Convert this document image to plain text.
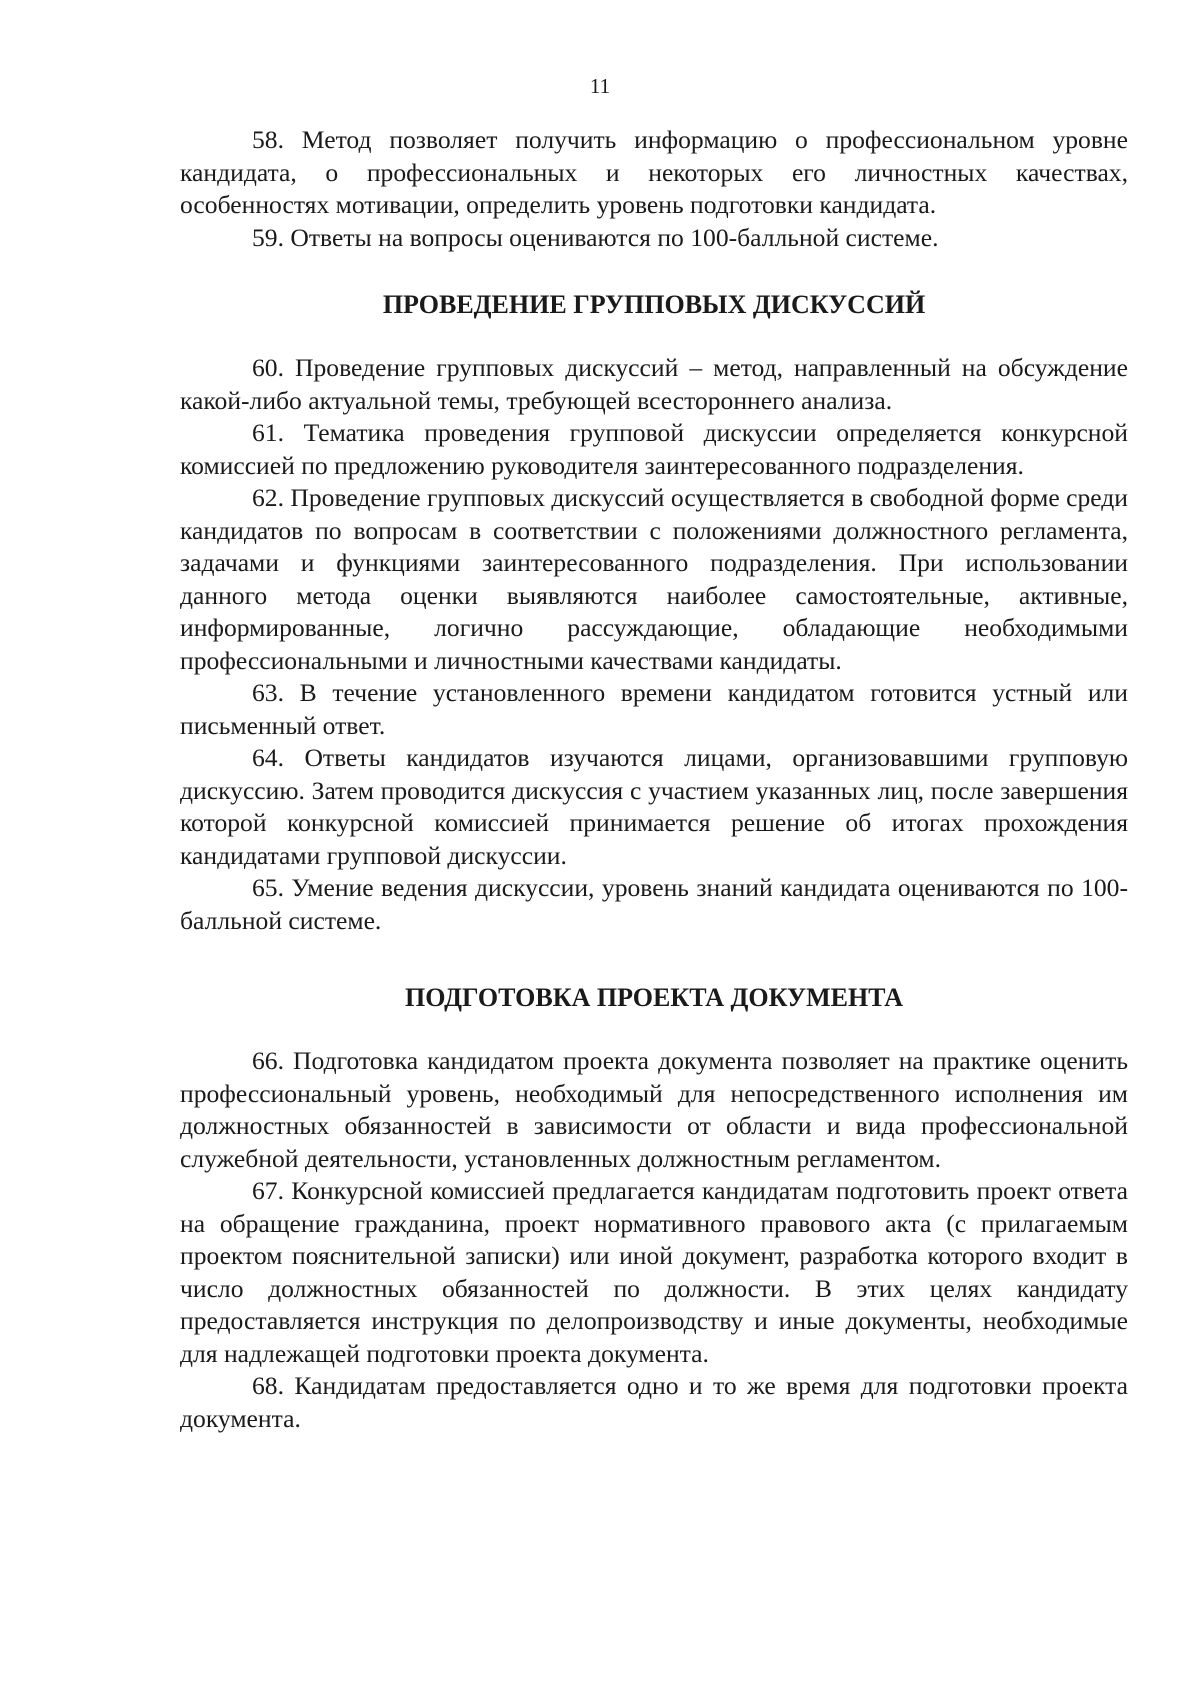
11

58. Метод позволяет получить информацию о профессиональном уровне кандидата, о профессиональных и некоторых его личностных качествах, особенностях мотивации, определить уровень подготовки кандидата.

59. Ответы на вопросы оцениваются по 100-балльной системе.

ПРОВЕДЕНИЕ ГРУППОВЫХ ДИСКУССИЙ

60. Проведение групповых дискуссий – метод, направленный на обсуждение какой-либо актуальной темы, требующей всестороннего анализа.

61. Тематика проведения групповой дискуссии определяется конкурсной комиссией по предложению руководителя заинтересованного подразделения.

62. Проведение групповых дискуссий осуществляется в свободной форме среди кандидатов по вопросам в соответствии с положениями должностного регламента, задачами и функциями заинтересованного подразделения. При использовании данного метода оценки выявляются наиболее самостоятельные, активные, информированные, логично рассуждающие, обладающие необходимыми профессиональными и личностными качествами кандидаты.

63. В течение установленного времени кандидатом готовится устный или письменный ответ.

64. Ответы кандидатов изучаются лицами, организовавшими групповую дискуссию. Затем проводится дискуссия с участием указанных лиц, после завершения которой конкурсной комиссией принимается решение об итогах прохождения кандидатами групповой дискуссии.

65. Умение ведения дискуссии, уровень знаний кандидата оцениваются по 100-балльной системе.

ПОДГОТОВКА ПРОЕКТА ДОКУМЕНТА

66. Подготовка кандидатом проекта документа позволяет на практике оценить профессиональный уровень, необходимый для непосредственного исполнения им должностных обязанностей в зависимости от области и вида профессиональной служебной деятельности, установленных должностным регламентом.

67. Конкурсной комиссией предлагается кандидатам подготовить проект ответа на обращение гражданина, проект нормативного правового акта (с прилагаемым проектом пояснительной записки) или иной документ, разработка которого входит в число должностных обязанностей по должности. В этих целях кандидату предоставляется инструкция по делопроизводству и иные документы, необходимые для надлежащей подготовки проекта документа.

68. Кандидатам предоставляется одно и то же время для подготовки проекта документа.
